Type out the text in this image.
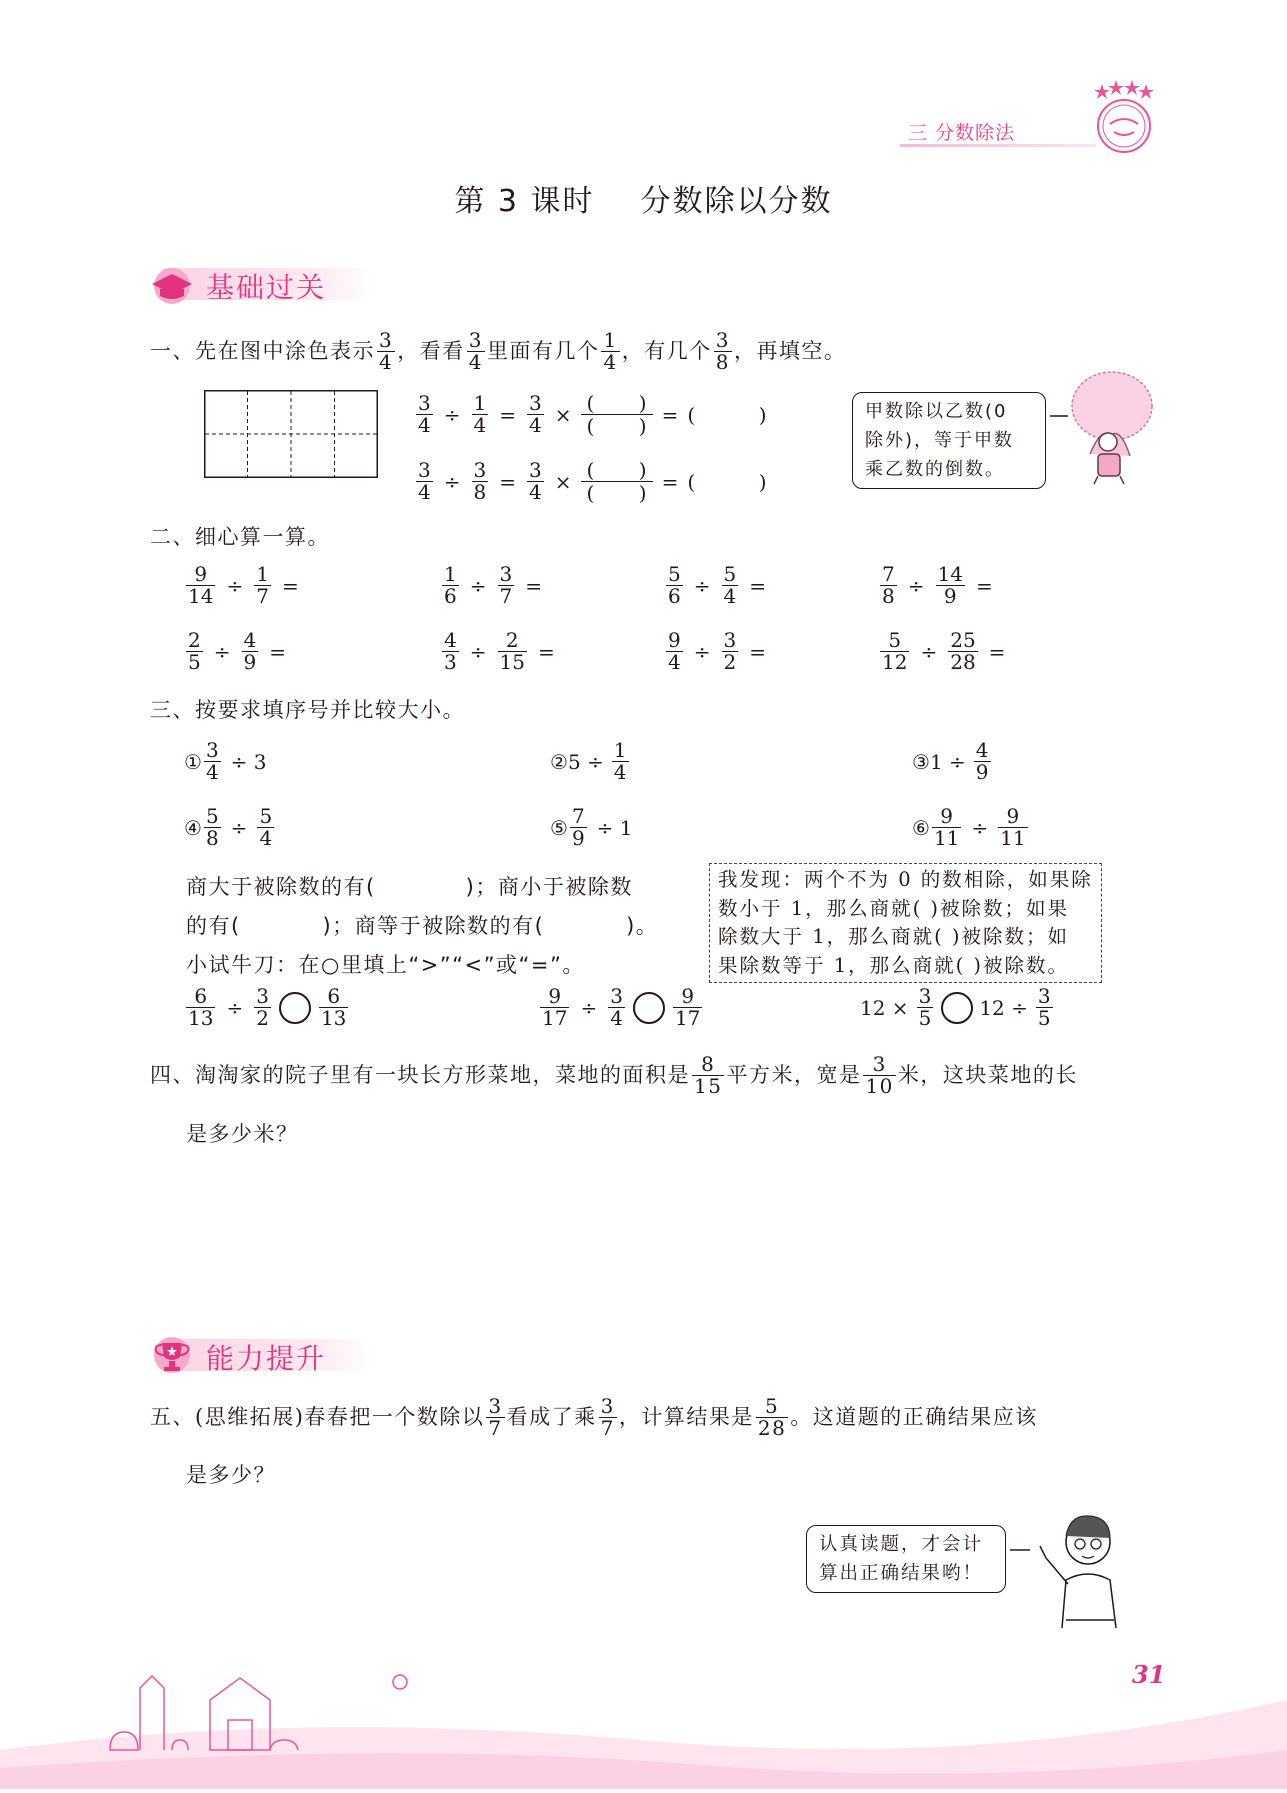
三 分数除法
第 3 课时    分数除以分数
基础过关
一、先在图中涂色表示 $\frac{3}{4}$ ，看看 $\frac{3}{4}$ 里面有几个 $\frac{1}{4}$ ，有几个 $\frac{3}{8}$ ，再填空。
$\frac{3}{4} \div \frac{1}{4} = \frac{3}{4}$ × (       )
(       ) = (          )
$\frac{3}{4} \div \frac{3}{8} = \frac{3}{4}$ × (       )
(       ) = (          )
甲数除以乙数(0
除外)，等于甲数
乘乙数的倒数。
二、细心算一算。
$\frac{9}{14} \div \frac{1}{7}$ =	$\frac{1}{6} \div \frac{3}{7}$ =	$\frac{5}{6} \div \frac{5}{4}$ =	$\frac{7}{8} \div \frac{14}{9}$ =
$\frac{2}{5} \div \frac{4}{9}$ =	$\frac{4}{3} \div \frac{2}{15}$ =	$\frac{9}{4} \div \frac{3}{2}$ =	$\frac{5}{12} \div \frac{25}{28}$ =
三、按要求填序号并比较大小。
① $\frac{3}{4} \div 3$	② $5 \div \frac{1}{4}$	③ $1 \div \frac{4}{9}$
④ $\frac{5}{8} \div \frac{5}{4}$	⑤ $\frac{7}{9} \div 1$	⑥ $\frac{9}{11} \div \frac{9}{11}$
商大于被除数的有(           )；商小于被除数
的有(          )；商等于被除数的有(          )。
小试牛刀：在○里填上“>”“<”或“=”。
我发现：两个不为 0 的数相除，如果除
数小于 1，那么商就( )被除数；如果
除数大于 1，那么商就( )被除数；如
果除数等于 1，那么商就( )被除数。
$\frac{6}{13} \div \frac{3}{2} \frac{6}{13}$	$\frac{9}{17} \div \frac{3}{4} \frac{9}{17}$	$12 \times \frac{3}{5} 12 \div \frac{3}{5}$
四、淘淘家的院子里有一块长方形菜地，菜地的面积是 $\frac{8}{15}$ 平方米，宽是 $\frac{3}{10}$ 米，这块菜地的长
是多少米？
能力提升
五、(思维拓展)春春把一个数除以 $\frac{3}{7}$ 看成了乘 $\frac{3}{7}$ ，计算结果是 $\frac{5}{28}$ 。这道题的正确结果应该
是多少？
认真读题，才会计
算出正确结果哟！
31
